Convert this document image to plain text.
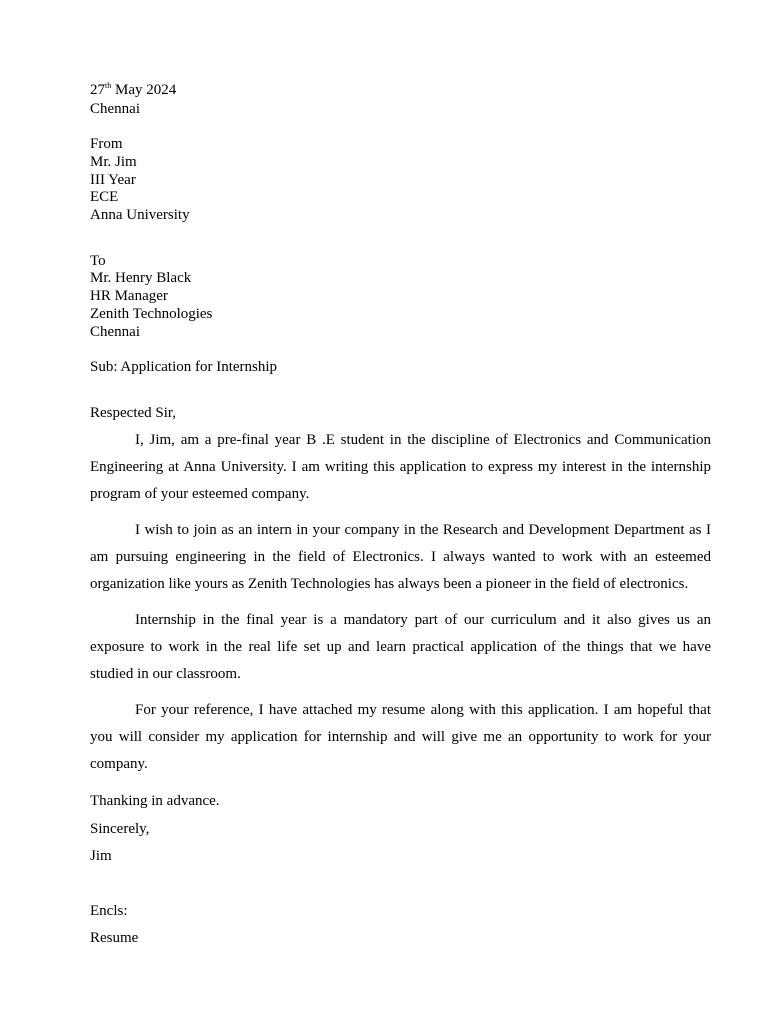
27th May 2024
Chennai
From
Mr. Jim
III Year
ECE
Anna University
To
Mr. Henry Black
HR Manager
Zenith Technologies
Chennai
Sub: Application for Internship
Respected Sir,

I, Jim, am a pre-final year B .E student in the discipline of Electronics and Communication Engineering at Anna University. I am writing this application to express my interest in the internship program of your esteemed company.

I wish to join as an intern in your company in the Research and Development Department as I am pursuing engineering in the field of Electronics. I always wanted to work with an esteemed organization like yours as Zenith Technologies has always been a pioneer in the field of electronics.

Internship in the final year is a mandatory part of our curriculum and it also gives us an exposure to work in the real life set up and learn practical application of the things that we have studied in our classroom.

For your reference, I have attached my resume along with this application. I am hopeful that you will consider my application for internship and will give me an opportunity to work for your company.

Thanking in advance.
Sincerely,
Jim
Encls:
Resume
